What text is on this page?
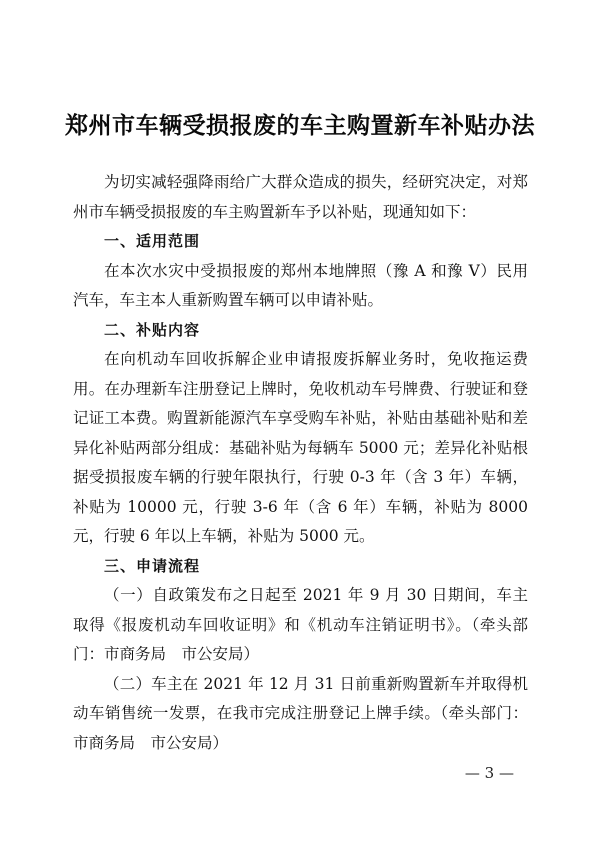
郑州市车辆受损报废的车主购置新车补贴办法

为切实减轻强降雨给广大群众造成的损失，经研究决定，对郑州市车辆受损报废的车主购置新车予以补贴，现通知如下：

一、适用范围

在本次水灾中受损报废的郑州本地牌照（豫 A 和豫 V）民用汽车，车主本人重新购置车辆可以申请补贴。

二、补贴内容

在向机动车回收拆解企业申请报废拆解业务时，免收拖运费用。在办理新车注册登记上牌时，免收机动车号牌费、行驶证和登记证工本费。购置新能源汽车享受购车补贴，补贴由基础补贴和差异化补贴两部分组成：基础补贴为每辆车 5000 元；差异化补贴根据受损报废车辆的行驶年限执行，行驶 0-3 年（含 3 年）车辆，补贴为 10000 元，行驶 3-6 年（含 6 年）车辆，补贴为 8000 元，行驶 6 年以上车辆，补贴为 5000 元。

三、申请流程

（一）自政策发布之日起至 2021 年 9 月 30 日期间，车主取得《报废机动车回收证明》和《机动车注销证明书》。（牵头部门：市商务局　市公安局）

（二）车主在 2021 年 12 月 31 日前重新购置新车并取得机动车销售统一发票，在我市完成注册登记上牌手续。（牵头部门：市商务局　市公安局）

— 3 —
